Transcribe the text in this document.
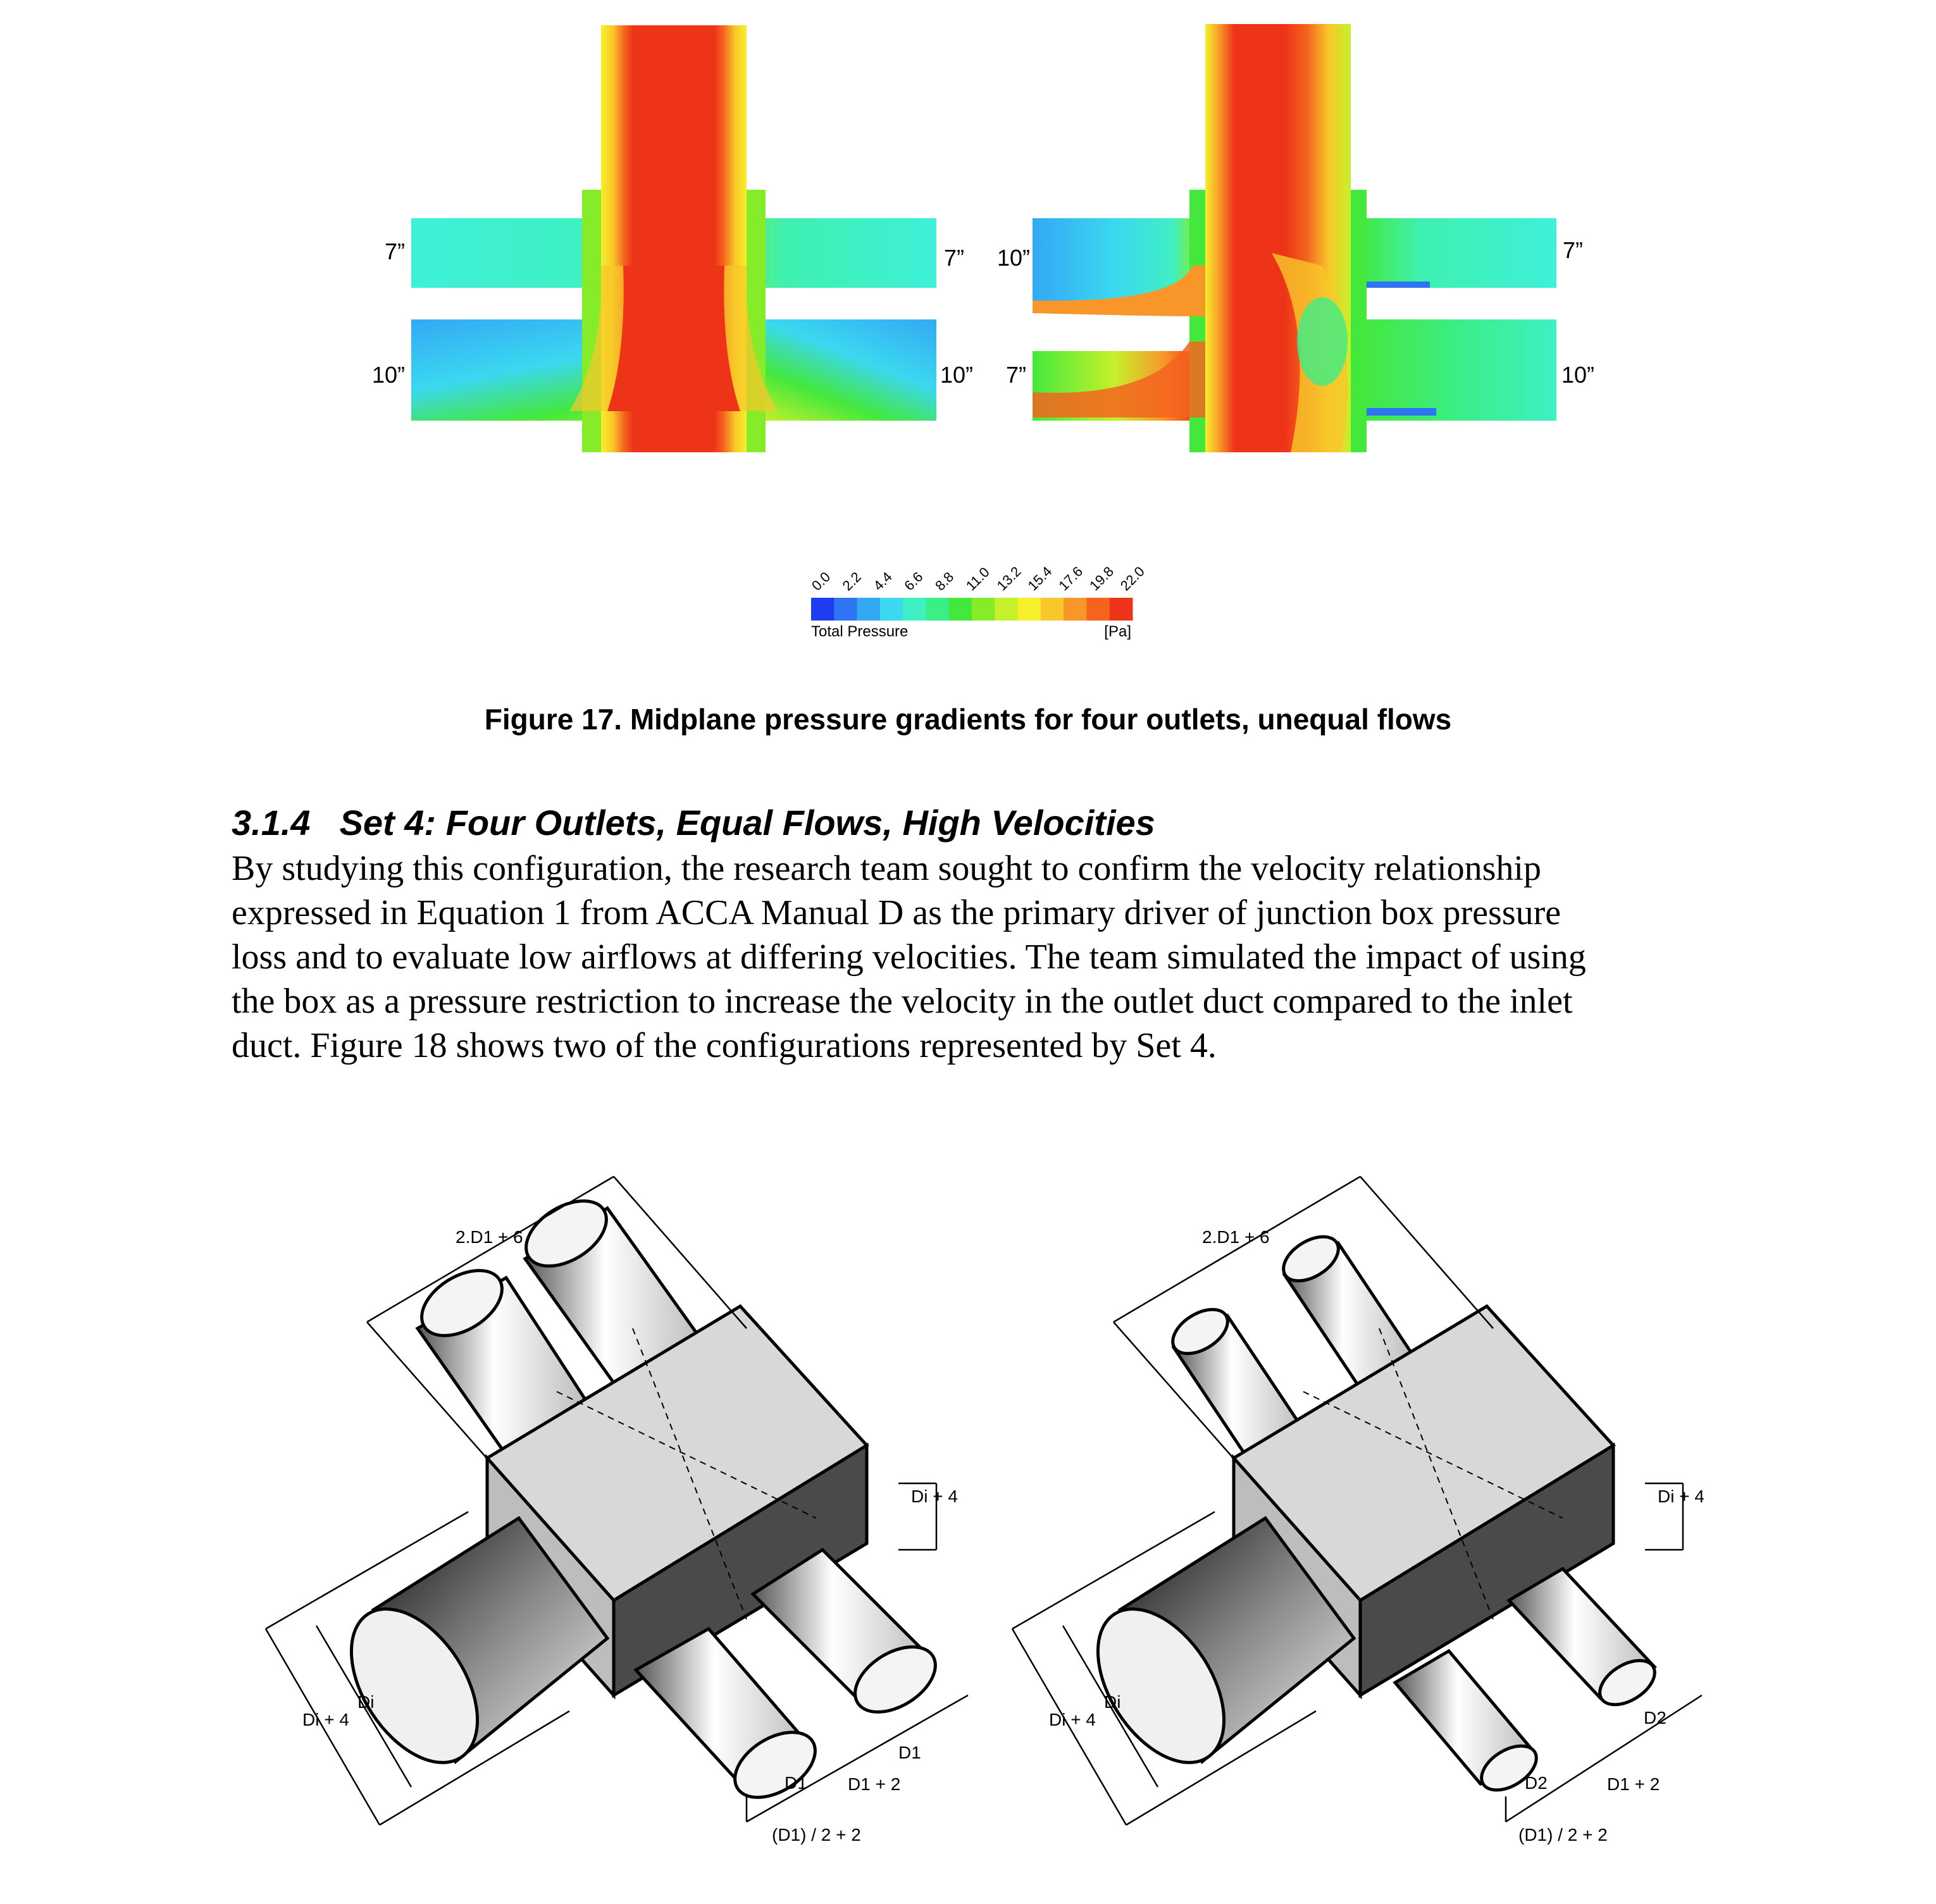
7”	7”
10”	10”
10”	7”
7”	10”
0.0 2.2 4.4 6.6 8.8 11.0 13.2 15.4 17.6 19.8 22.0
Total Pressure	[Pa]
Figure 17. Midplane pressure gradients for four outlets, unequal flows
3.1.4 Set 4: Four Outlets, Equal Flows, High Velocities
By studying this configuration, the research team sought to confirm the velocity relationship
expressed in Equation 1 from ACCA Manual D as the primary driver of junction box pressure
loss and to evaluate low airflows at differing velocities. The team simulated the impact of using
the box as a pressure restriction to increase the velocity in the outlet duct compared to the inlet
duct. Figure 18 shows two of the configurations represented by Set 4.
2.D1 + 6
Di + 4
Di
Di + 4
D1
D1 D1 + 2
(D1) / 2 + 2
2.D1 + 6
Di + 4
Di
Di + 4	D2
D2	D1 + 2
(D1) / 2 + 2
